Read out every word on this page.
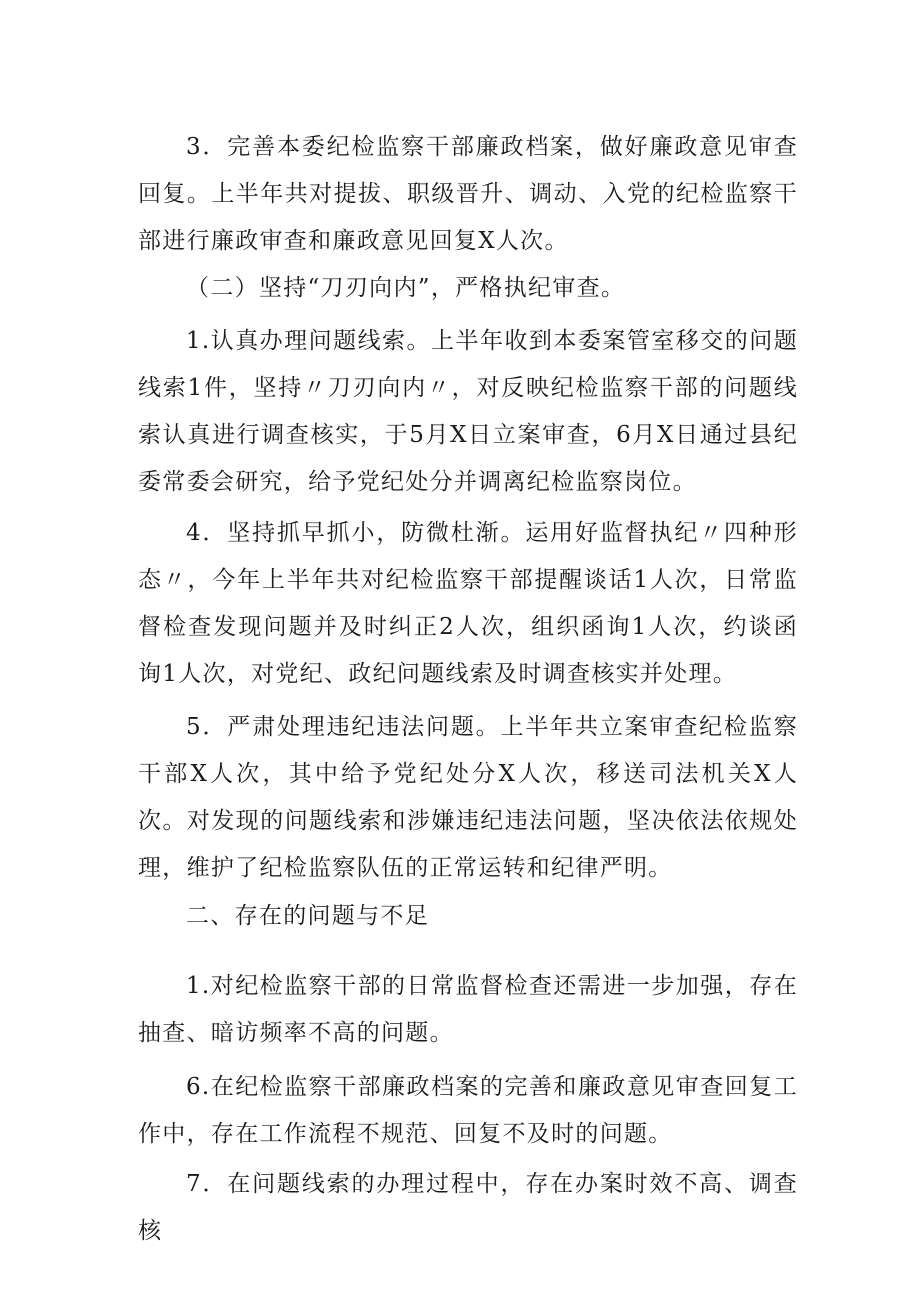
3．完善本委纪检监察干部廉政档案，做好廉政意见审查回复。上半年共对提拔、职级晋升、调动、入党的纪检监察干部进行廉政审查和廉政意见回复X人次。

（二）坚持“刀刃向内”，严格执纪审查。

1.认真办理问题线索。上半年收到本委案管室移交的问题线索1件，坚持〃刀刃向内〃，对反映纪检监察干部的问题线索认真进行调查核实，于5月X日立案审查，6月X日通过县纪委常委会研究，给予党纪处分并调离纪检监察岗位。

4．坚持抓早抓小，防微杜渐。运用好监督执纪〃四种形态〃，今年上半年共对纪检监察干部提醒谈话1人次，日常监督检查发现问题并及时纠正2人次，组织函询1人次，约谈函询1人次，对党纪、政纪问题线索及时调查核实并处理。

5．严肃处理违纪违法问题。上半年共立案审查纪检监察干部X人次，其中给予党纪处分X人次，移送司法机关X人次。对发现的问题线索和涉嫌违纪违法问题，坚决依法依规处理，维护了纪检监察队伍的正常运转和纪律严明。

二、存在的问题与不足

1.对纪检监察干部的日常监督检查还需进一步加强，存在抽查、暗访频率不高的问题。

6.在纪检监察干部廉政档案的完善和廉政意见审查回复工作中，存在工作流程不规范、回复不及时的问题。

7．在问题线索的办理过程中，存在办案时效不高、调查核
